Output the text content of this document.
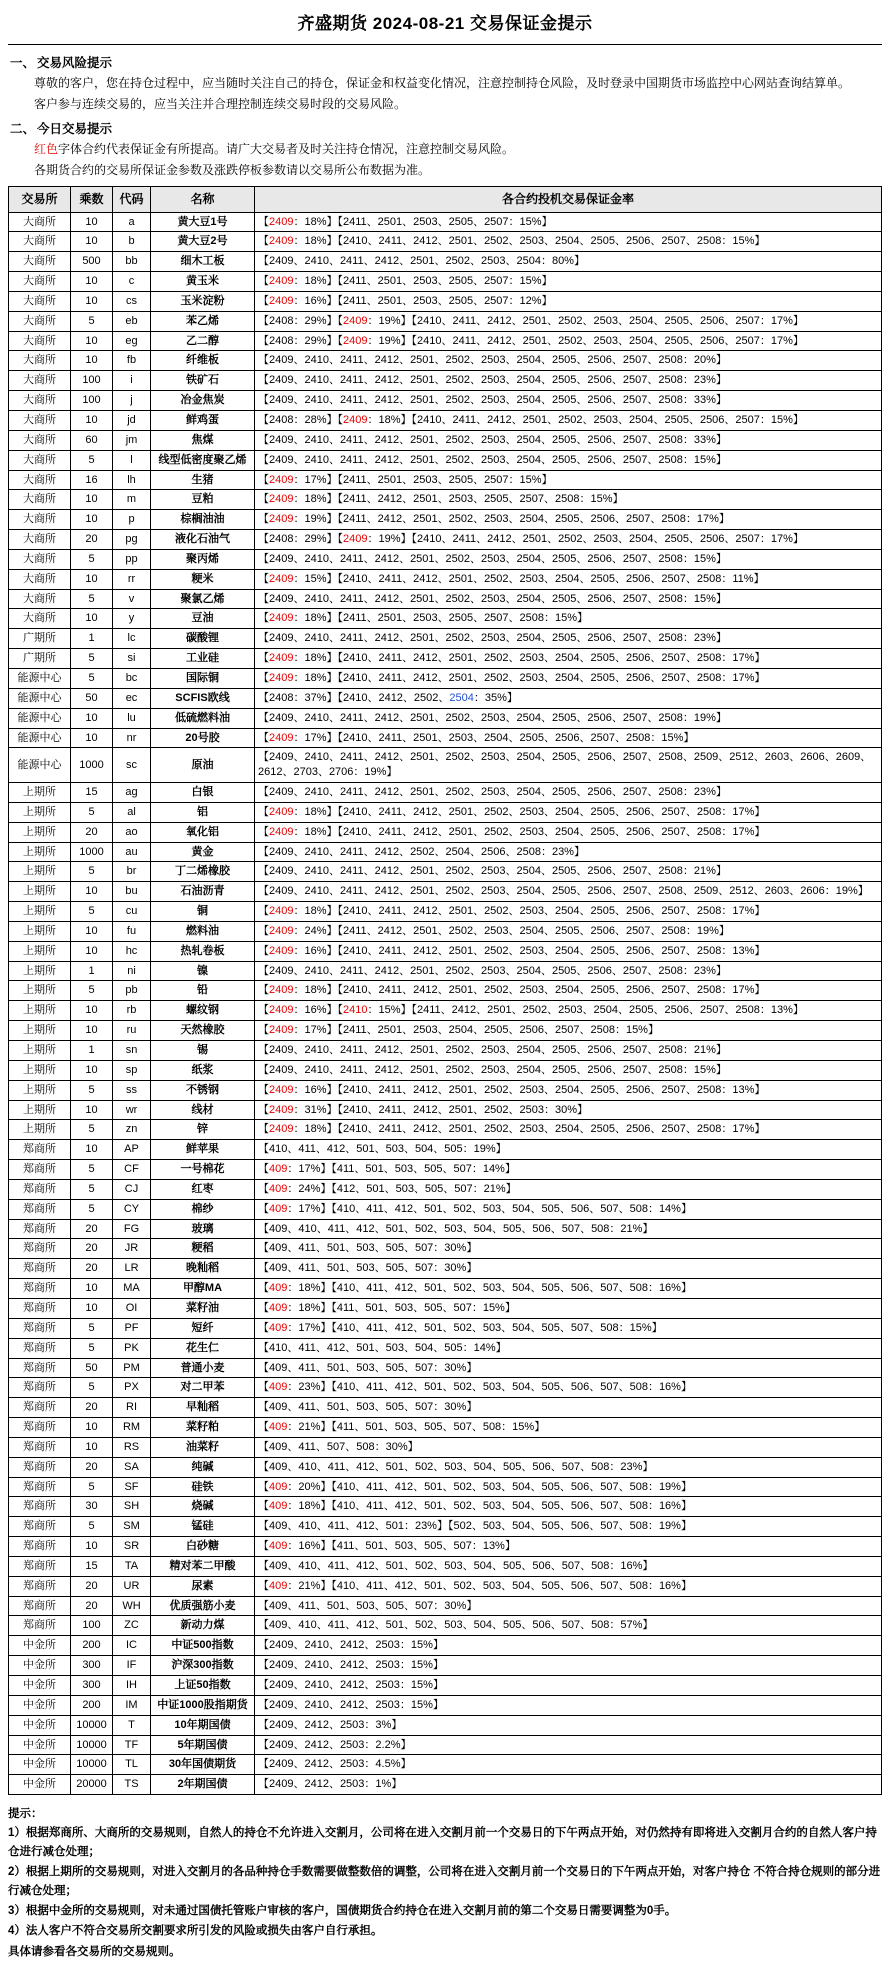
齐盛期货 2024-08-21 交易保证金提示
一、 交易风险提示
尊敬的客户，您在持仓过程中，应当随时关注自己的持仓，保证金和权益变化情况，注意控制持仓风险，及时登录中国期货市场监控中心网站查询结算单。
客户参与连续交易的，应当关注并合理控制连续交易时段的交易风险。
二、 今日交易提示
红色字体合约代表保证金有所提高。请广大交易者及时关注持仓情况，注意控制交易风险。
各期货合约的交易所保证金参数及涨跌停板参数请以交易所公布数据为准。
交易所	乘数	代码	名称	各合约投机交易保证金率
大商所	10	a	黄大豆1号	【2409：18%】【2411、2501、2503、2505、2507：15%】
大商所	10	b	黄大豆2号	【2409：18%】【2410、2411、2412、2501、2502、2503、2504、2505、2506、2507、2508：15%】
大商所	500	bb	细木工板	【2409、2410、2411、2412、2501、2502、2503、2504：80%】
大商所	10	c	黄玉米	【2409：18%】【2411、2501、2503、2505、2507：15%】
大商所	10	cs	玉米淀粉	【2409：16%】【2411、2501、2503、2505、2507：12%】
大商所	5	eb	苯乙烯	【2408：29%】【2409：19%】【2410、2411、2412、2501、2502、2503、2504、2505、2506、2507：17%】
大商所	10	eg	乙二醇	【2408：29%】【2409：19%】【2410、2411、2412、2501、2502、2503、2504、2505、2506、2507：17%】
大商所	10	fb	纤维板	【2409、2410、2411、2412、2501、2502、2503、2504、2505、2506、2507、2508：20%】
大商所	100	i	铁矿石	【2409、2410、2411、2412、2501、2502、2503、2504、2505、2506、2507、2508：23%】
大商所	100	j	冶金焦炭	【2409、2410、2411、2412、2501、2502、2503、2504、2505、2506、2507、2508：33%】
大商所	10	jd	鲜鸡蛋	【2408：28%】【2409：18%】【2410、2411、2412、2501、2502、2503、2504、2505、2506、2507：15%】
大商所	60	jm	焦煤	【2409、2410、2411、2412、2501、2502、2503、2504、2505、2506、2507、2508：33%】
大商所	5	l	线型低密度聚乙烯	【2409、2410、2411、2412、2501、2502、2503、2504、2505、2506、2507、2508：15%】
大商所	16	lh	生猪	【2409：17%】【2411、2501、2503、2505、2507：15%】
大商所	10	m	豆粕	【2409：18%】【2411、2412、2501、2503、2505、2507、2508：15%】
大商所	10	p	棕榈油油	【2409：19%】【2411、2412、2501、2502、2503、2504、2505、2506、2507、2508：17%】
大商所	20	pg	液化石油气	【2408：29%】【2409：19%】【2410、2411、2412、2501、2502、2503、2504、2505、2506、2507：17%】
大商所	5	pp	聚丙烯	【2409、2410、2411、2412、2501、2502、2503、2504、2505、2506、2507、2508：15%】
大商所	10	rr	粳米	【2409：15%】【2410、2411、2412、2501、2502、2503、2504、2505、2506、2507、2508：11%】
大商所	5	v	聚氯乙烯	【2409、2410、2411、2412、2501、2502、2503、2504、2505、2506、2507、2508：15%】
大商所	10	y	豆油	【2409：18%】【2411、2501、2503、2505、2507、2508：15%】
广期所	1	lc	碳酸锂	【2409、2410、2411、2412、2501、2502、2503、2504、2505、2506、2507、2508：23%】
广期所	5	si	工业硅	【2409：18%】【2410、2411、2412、2501、2502、2503、2504、2505、2506、2507、2508：17%】
能源中心	5	bc	国际铜	【2409：18%】【2410、2411、2412、2501、2502、2503、2504、2505、2506、2507、2508：17%】
能源中心	50	ec	SCFIS欧线	【2408：37%】【2410、2412、2502、2504：35%】
能源中心	10	lu	低硫燃料油	【2409、2410、2411、2412、2501、2502、2503、2504、2505、2506、2507、2508：19%】
能源中心	10	nr	20号胶	【2409：17%】【2410、2411、2501、2503、2504、2505、2506、2507、2508：15%】
能源中心	1000	sc	原油	【2409、2410、2411、2412、2501、2502、2503、2504、2505、2506、2507、2508、2509、2512、2603、2606、2609、2612、2703、2706：19%】
上期所	15	ag	白银	【2409、2410、2411、2412、2501、2502、2503、2504、2505、2506、2507、2508：23%】
上期所	5	al	铝	【2409：18%】【2410、2411、2412、2501、2502、2503、2504、2505、2506、2507、2508：17%】
上期所	20	ao	氧化铝	【2409：18%】【2410、2411、2412、2501、2502、2503、2504、2505、2506、2507、2508：17%】
上期所	1000	au	黄金	【2409、2410、2411、2412、2502、2504、2506、2508：23%】
上期所	5	br	丁二烯橡胶	【2409、2410、2411、2412、2501、2502、2503、2504、2505、2506、2507、2508：21%】
上期所	10	bu	石油沥青	【2409、2410、2411、2412、2501、2502、2503、2504、2505、2506、2507、2508、2509、2512、2603、2606：19%】
上期所	5	cu	铜	【2409：18%】【2410、2411、2412、2501、2502、2503、2504、2505、2506、2507、2508：17%】
上期所	10	fu	燃料油	【2409：24%】【2411、2412、2501、2502、2503、2504、2505、2506、2507、2508：19%】
上期所	10	hc	热轧卷板	【2409：16%】【2410、2411、2412、2501、2502、2503、2504、2505、2506、2507、2508：13%】
上期所	1	ni	镍	【2409、2410、2411、2412、2501、2502、2503、2504、2505、2506、2507、2508：23%】
上期所	5	pb	铅	【2409：18%】【2410、2411、2412、2501、2502、2503、2504、2505、2506、2507、2508：17%】
上期所	10	rb	螺纹钢	【2409：16%】【2410：15%】【2411、2412、2501、2502、2503、2504、2505、2506、2507、2508：13%】
上期所	10	ru	天然橡胶	【2409：17%】【2411、2501、2503、2504、2505、2506、2507、2508：15%】
上期所	1	sn	锡	【2409、2410、2411、2412、2501、2502、2503、2504、2505、2506、2507、2508：21%】
上期所	10	sp	纸浆	【2409、2410、2411、2412、2501、2502、2503、2504、2505、2506、2507、2508：15%】
上期所	5	ss	不锈钢	【2409：16%】【2410、2411、2412、2501、2502、2503、2504、2505、2506、2507、2508：13%】
上期所	10	wr	线材	【2409：31%】【2410、2411、2412、2501、2502、2503：30%】
上期所	5	zn	锌	【2409：18%】【2410、2411、2412、2501、2502、2503、2504、2505、2506、2507、2508：17%】
郑商所	10	AP	鲜苹果	【410、411、412、501、503、504、505：19%】
郑商所	5	CF	一号棉花	【409：17%】【411、501、503、505、507：14%】
郑商所	5	CJ	红枣	【409：24%】【412、501、503、505、507：21%】
郑商所	5	CY	棉纱	【409：17%】【410、411、412、501、502、503、504、505、506、507、508：14%】
郑商所	20	FG	玻璃	【409、410、411、412、501、502、503、504、505、506、507、508：21%】
郑商所	20	JR	粳稻	【409、411、501、503、505、507：30%】
郑商所	20	LR	晚籼稻	【409、411、501、503、505、507：30%】
郑商所	10	MA	甲醇MA	【409：18%】【410、411、412、501、502、503、504、505、506、507、508：16%】
郑商所	10	OI	菜籽油	【409：18%】【411、501、503、505、507：15%】
郑商所	5	PF	短纤	【409：17%】【410、411、412、501、502、503、504、505、507、508：15%】
郑商所	5	PK	花生仁	【410、411、412、501、503、504、505：14%】
郑商所	50	PM	普通小麦	【409、411、501、503、505、507：30%】
郑商所	5	PX	对二甲苯	【409：23%】【410、411、412、501、502、503、504、505、506、507、508：16%】
郑商所	20	RI	早籼稻	【409、411、501、503、505、507：30%】
郑商所	10	RM	菜籽粕	【409：21%】【411、501、503、505、507、508：15%】
郑商所	10	RS	油菜籽	【409、411、507、508：30%】
郑商所	20	SA	纯碱	【409、410、411、412、501、502、503、504、505、506、507、508：23%】
郑商所	5	SF	硅铁	【409：20%】【410、411、412、501、502、503、504、505、506、507、508：19%】
郑商所	30	SH	烧碱	【409：18%】【410、411、412、501、502、503、504、505、506、507、508：16%】
郑商所	5	SM	锰硅	【409、410、411、412、501：23%】【502、503、504、505、506、507、508：19%】
郑商所	10	SR	白砂糖	【409：16%】【411、501、503、505、507：13%】
郑商所	15	TA	精对苯二甲酸	【409、410、411、412、501、502、503、504、505、506、507、508：16%】
郑商所	20	UR	尿素	【409：21%】【410、411、412、501、502、503、504、505、506、507、508：16%】
郑商所	20	WH	优质强筋小麦	【409、411、501、503、505、507：30%】
郑商所	100	ZC	新动力煤	【409、410、411、412、501、502、503、504、505、506、507、508：57%】
中金所	200	IC	中证500指数	【2409、2410、2412、2503：15%】
中金所	300	IF	沪深300指数	【2409、2410、2412、2503：15%】
中金所	300	IH	上证50指数	【2409、2410、2412、2503：15%】
中金所	200	IM	中证1000股指期货	【2409、2410、2412、2503：15%】
中金所	10000	T	10年期国债	【2409、2412、2503：3%】
中金所	10000	TF	5年期国债	【2409、2412、2503：2.2%】
中金所	10000	TL	30年国债期货	【2409、2412、2503：4.5%】
中金所	20000	TS	2年期国债	【2409、2412、2503：1%】

提示：

1）根据郑商所、大商所的交易规则，自然人的持仓不允许进入交割月，公司将在进入交割月前一个交易日的下午两点开始，对仍然持有即将进入交割月合约的自然人客户持仓进行减仓处理；

2）根据上期所的交易规则，对进入交割月的各品种持仓手数需要做整数倍的调整，公司将在进入交割月前一个交易日的下午两点开始，对客户持仓 不符合持仓规则的部分进行减仓处理；

3）根据中金所的交易规则，对未通过国债托管账户审核的客户，国债期货合约持仓在进入交割月前的第二个交易日需要调整为0手。

4）法人客户不符合交易所交割要求所引发的风险或损失由客户自行承担。

具体请参看各交易所的交易规则。
